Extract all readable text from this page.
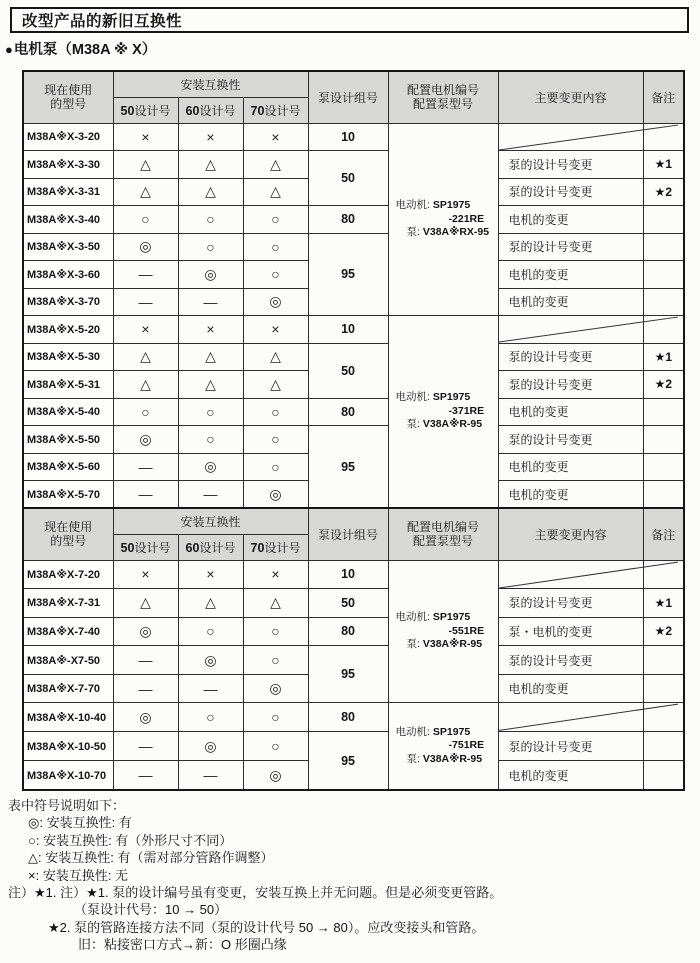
改型产品的新旧互换性
●电机泵（M38A ※ X）
现在使用
的型号
	安装互换性	泵设计组号	
配置电机编号
配置泵型号	主要变更内容	备注
	50设计号	60设计号	70设计号				
M38A※X-3-20	×	×	×	10	电动机: SP1975
-221RE
泵: V38A※RX-95

M38A※X-3-30	△	△	△	50		泵的设计号变更	★1
M38A※X-3-31	△	△	△			泵的设计号变更	★2
M38A※X-3-40	○	○	○	80		电机的变更	
M38A※X-3-50	◎	○	○	95		泵的设计号变更	
M38A※X-3-60	—	◎	○			电机的变更	
M38A※X-3-70	—	—	◎			电机的变更	
M38A※X-5-20	×	×	×	10	电动机: SP1975
-371RE
泵: V38A※R-95

M38A※X-5-30	△	△	△	50		泵的设计号变更	★1
M38A※X-5-31	△	△	△			泵的设计号变更	★2
M38A※X-5-40	○	○	○	80		电机的变更	
M38A※X-5-50	◎	○	○	95		泵的设计号变更	
M38A※X-5-60	—	◎	○			电机的变更	
M38A※X-5-70	—	—	◎			电机的变更	

现在使用
的型号
	安装互换性	泵设计组号	
配置电机编号
配置泵型号	主要变更内容	备注
	50设计号	60设计号	70设计号				
M38A※X-7-20	×	×	×	10	电动机: SP1975
-551RE
泵: V38A※R-95

M38A※X-7-31	△	△	△	50		泵的设计号变更	★1
M38A※X-7-40	◎	○	○	80		泵・电机的变更	★2
M38A※-X7-50	—	◎	○	95		泵的设计号变更	
M38A※X-7-70	—	—	◎			电机的变更	
M38A※X-10-40	◎	○	○	80	电动机: SP1975
-751RE
泵: V38A※R-95

M38A※X-10-50	—	◎	○	95		泵的设计号变更	
M38A※X-10-70	—	—	◎			电机的变更	
表中符号说明如下：
◎: 安装互换性: 有
○: 安装互换性: 有（外形尺寸不同）
△: 安装互换性: 有（需对部分管路作调整）
×: 安装互换性: 无
注）★1. 注）★1. 泵的设计编号虽有变更，安装互换上并无问题。但是必须变更管路。
（泵设计代号：10 → 50）
★2. 泵的管路连接方法不同（泵的设计代号 50 → 80）。应改变接头和管路。
旧：粘接密口方式→新：O 形圈凸缘
